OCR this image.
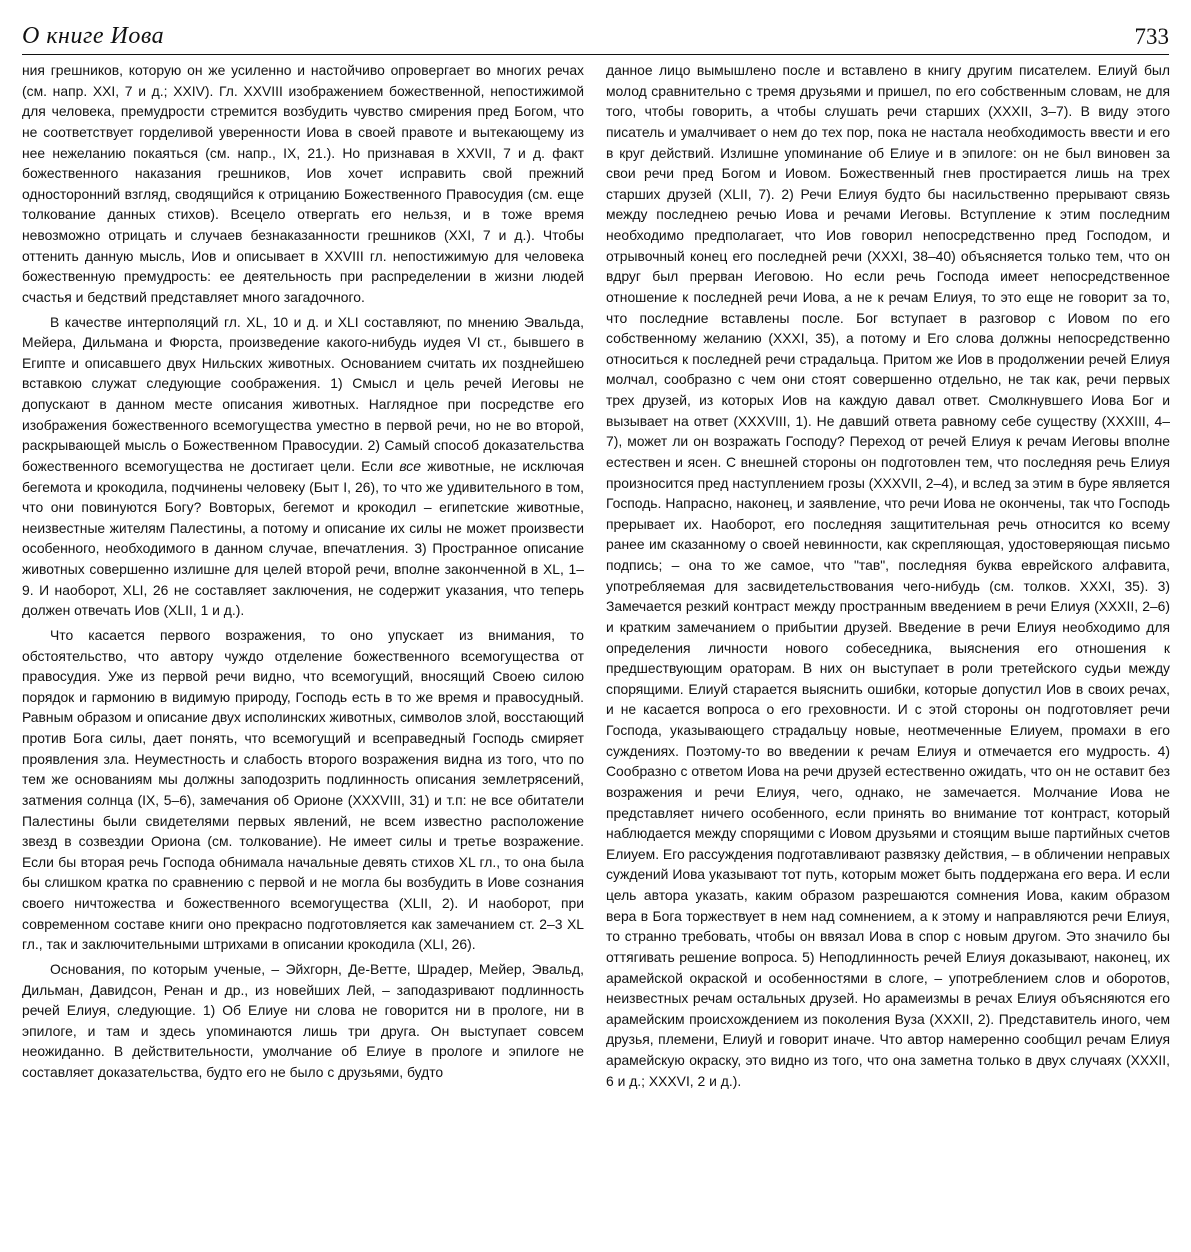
О книге Иова	733

ния грешников, которую он же усиленно и настойчиво опровергает во многих речах (см. напр. XXI, 7 и д.; XXIV). Гл. XXVIII изображением божественной, непостижимой для человека, премудрости стремится возбудить чувство смирения пред Богом, что не соответствует горделивой уверенности Иова в своей правоте и вытекающему из нее нежеланию покаяться (см. напр., IX, 21.). Но признавая в XXVII, 7 и д. факт божественного наказания грешников, Иов хочет исправить свой прежний односторонний взгляд, сводящийся к отрицанию Божественного Правосудия (см. еще толкование данных стихов). Всецело отвергать его нельзя, и в тоже время невозможно отрицать и случаев безнаказанности грешников (XXI, 7 и д.). Чтобы оттенить данную мысль, Иов и описывает в XXVIII гл. непостижимую для человека божественную премудрость: ее деятельность при распределении в жизни людей счастья и бедствий представляет много загадочного.

В качестве интерполяций гл. XL, 10 и д. и XLI составляют, по мнению Эвальда, Мейера, Дильмана и Фюрста, произведение какого-нибудь иудея VI ст., бывшего в Египте и описавшего двух Нильских животных. Основанием считать их позднейшею вставкою служат следующие соображения. 1) Смысл и цель речей Иеговы не допускают в данном месте описания животных. Наглядное при посредстве его изображения божественного всемогущества уместно в первой речи, но не во второй, раскрывающей мысль о Божественном Правосудии. 2) Самый способ доказательства божественного всемогущества не достигает цели. Если все животные, не исключая бегемота и крокодила, подчинены человеку (Быт I, 26), то что же удивительного в том, что они повинуются Богу? Вовторых, бегемот и крокодил – египетские животные, неизвестные жителям Палестины, а потому и описание их силы не может произвести особенного, необходимого в данном случае, впечатления. 3) Пространное описание животных совершенно излишне для целей второй речи, вполне законченной в XL, 1–9. И наоборот, XLI, 26 не составляет заключения, не содержит указания, что теперь должен отвечать Иов (XLII, 1 и д.).

Что касается первого возражения, то оно упускает из внимания, то обстоятельство, что автору чуждо отделение божественного всемогущества от правосудия. Уже из первой речи видно, что всемогущий, вносящий Своею силою порядок и гармонию в видимую природу, Господь есть в то же время и правосудный. Равным образом и описание двух исполинских животных, символов злой, восстающий против Бога силы, дает понять, что всемогущий и всеправедный Господь смиряет проявления зла. Неуместность и слабость второго возражения видна из того, что по тем же основаниям мы должны заподозрить подлинность описания землетрясений, затмения солнца (IX, 5–6), замечания об Орионе (XXXVIII, 31) и т.п: не все обитатели Палестины были свидетелями первых явлений, не всем известно расположение звезд в созвездии Ориона (см. толкование). Не имеет силы и третье возражение. Если бы вторая речь Господа обнимала начальные девять стихов XL гл., то она была бы слишком кратка по сравнению с первой и не могла бы возбудить в Иове сознания своего ничтожества и божественного всемогущества (XLII, 2). И наоборот, при современном составе книги оно прекрасно подготовляется как замечанием ст. 2–3 XL гл., так и заключительными штрихами в описании крокодила (XLI, 26).

Основания, по которым ученые, – Эйхгорн, Де-Ветте, Шрадер, Мейер, Эвальд, Дильман, Давидсон, Ренан и др., из новейших Лей, – заподазривают подлинность речей Елиуя, следующие. 1) Об Елиуе ни слова не говорится ни в прологе, ни в эпилоге, и там и здесь упоминаются лишь три друга. Он выступает совсем неожиданно. В действительности, умолчание об Елиуе в прологе и эпилоге не составляет доказательства, будто его не было с друзьями, будто

данное лицо вымышлено после и вставлено в книгу другим писателем. Елиуй был молод сравнительно с тремя друзьями и пришел, по его собственным словам, не для того, чтобы говорить, а чтобы слушать речи старших (XXXII, 3–7). В виду этого писатель и умалчивает о нем до тех пор, пока не настала необходимость ввести и его в круг действий. Излишне упоминание об Елиуе и в эпилоге: он не был виновен за свои речи пред Богом и Иовом. Божественный гнев простирается лишь на трех старших друзей (XLII, 7). 2) Речи Елиуя будто бы насильственно прерывают связь между последнею речью Иова и речами Иеговы. Вступление к этим последним необходимо предполагает, что Иов говорил непосредственно пред Господом, и отрывочный конец его последней речи (XXXI, 38–40) объясняется только тем, что он вдруг был прерван Иеговою. Но если речь Господа имеет непосредственное отношение к последней речи Иова, а не к речам Елиуя, то это еще не говорит за то, что последние вставлены после. Бог вступает в разговор с Иовом по его собственному желанию (XXXI, 35), а потому и Его слова должны непосредственно относиться к последней речи страдальца. Притом же Иов в продолжении речей Елиуя молчал, сообразно с чем они стоят совершенно отдельно, не так как, речи первых трех друзей, из которых Иов на каждую давал ответ. Смолкнувшего Иова Бог и вызывает на ответ (XXXVIII, 1). Не давший ответа равному себе существу (XXXIII, 4–7), может ли он возражать Господу? Переход от речей Елиуя к речам Иеговы вполне естествен и ясен. С внешней стороны он подготовлен тем, что последняя речь Елиуя произносится пред наступлением грозы (XXXVII, 2–4), и вслед за этим в буре является Господь. Напрасно, наконец, и заявление, что речи Иова не окончены, так что Господь прерывает их. Наоборот, его последняя защитительная речь относится ко всему ранее им сказанному о своей невинности, как скрепляющая, удостоверяющая письмо подпись; – она то же самое, что "тав", последняя буква еврейского алфавита, употребляемая для засвидетельствования чего-нибудь (см. толков. XXXI, 35). 3) Замечается резкий контраст между пространным введением в речи Елиуя (XXXII, 2–6) и кратким замечанием о прибытии друзей. Введение в речи Елиуя необходимо для определения личности нового собеседника, выяснения его отношения к предшествующим ораторам. В них он выступает в роли третейского судьи между спорящими. Елиуй старается выяснить ошибки, которые допустил Иов в своих речах, и не касается вопроса о его греховности. И с этой стороны он подготовляет речи Господа, указывающего страдальцу новые, неотмеченные Елиуем, промахи в его суждениях. Поэтому-то во введении к речам Елиуя и отмечается его мудрость. 4) Сообразно с ответом Иова на речи друзей естественно ожидать, что он не оставит без возражения и речи Елиуя, чего, однако, не замечается. Молчание Иова не представляет ничего особенного, если принять во внимание тот контраст, который наблюдается между спорящими с Иовом друзьями и стоящим выше партийных счетов Елиуем. Его рассуждения подготавливают развязку действия, – в обличении неправых суждений Иова указывают тот путь, которым может быть поддержана его вера. И если цель автора указать, каким образом разрешаются сомнения Иова, каким образом вера в Бога торжествует в нем над сомнением, а к этому и направляются речи Елиуя, то странно требовать, чтобы он ввязал Иова в спор с новым другом. Это значило бы оттягивать решение вопроса. 5) Неподлинность речей Елиуя доказывают, наконец, их арамейской окраской и особенностями в слоге, – употреблением слов и оборотов, неизвестных речам остальных друзей. Но арамеизмы в речах Елиуя объясняются его арамейским происхождением из поколения Вуза (XXXII, 2). Представитель иного, чем друзья, племени, Елиуй и говорит иначе. Что автор намеренно сообщил речам Елиуя арамейскую окраску, это видно из того, что она заметна только в двух случаях (XXXII, 6 и д.; XXXVI, 2 и д.).
